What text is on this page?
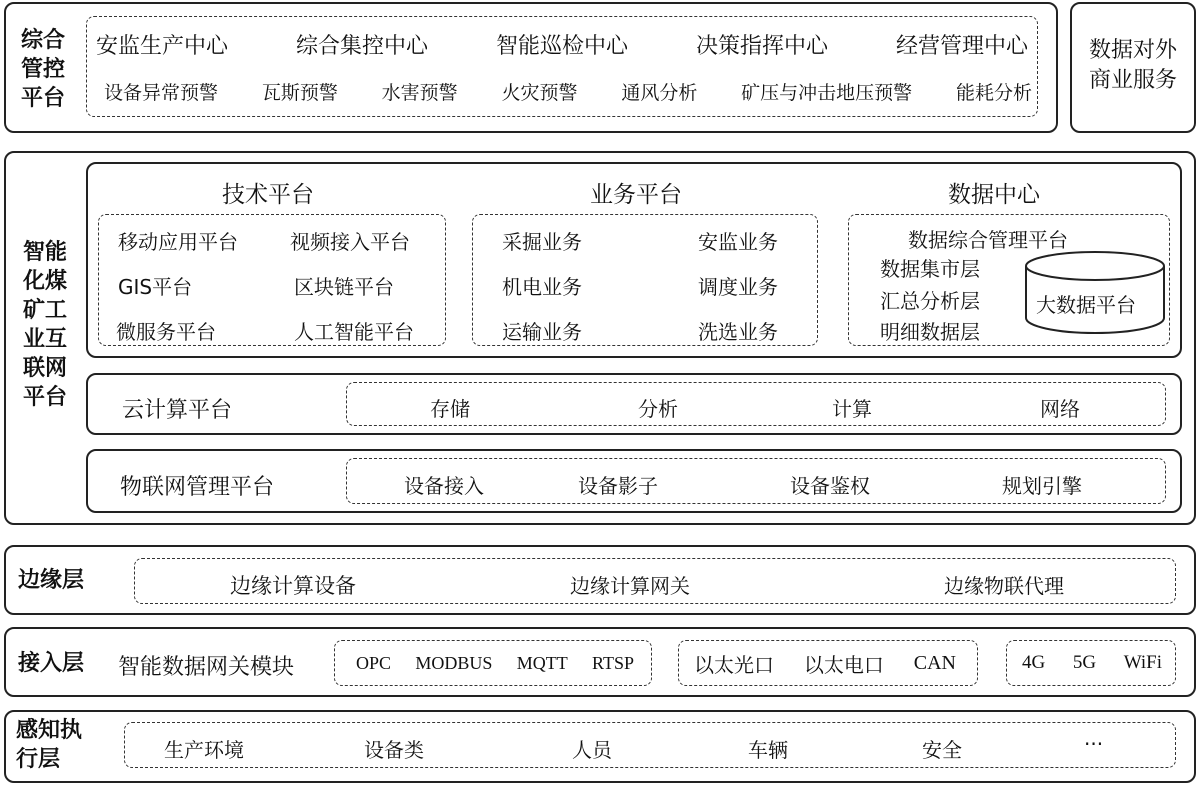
综合
管控
平台
安监生产中心	综合集控中心	智能巡检中心	决策指挥中心	经营管理中心
设备异常预警 瓦斯预警 水害预警 火灾预警 通风分析 矿压与冲击地压预警 能耗分析
数据对外
商业服务
智能
化煤
矿工
业互
联网
平台
技术平台
移动应用平台	视频接入平台
GIS平台	区块链平台
微服务平台	人工智能平台
业务平台
采掘业务	安监业务
机电业务	调度业务
运输业务	洗选业务
数据中心
数据综合管理平台
数据集市层
汇总分析层
明细数据层
大数据平台
云计算平台	存储	分析	计算	网络
物联网管理平台	设备接入	设备影子	设备鉴权	规划引擎
边缘层	边缘计算设备	边缘计算网关	边缘物联代理
接入层 智能数据网关模块	OPC MODBUS MQTT RTSP	以太光口 以太电口 CAN	4G 5G WiFi
感知执
行层	生产环境	设备类	人员	车辆	安全	···
